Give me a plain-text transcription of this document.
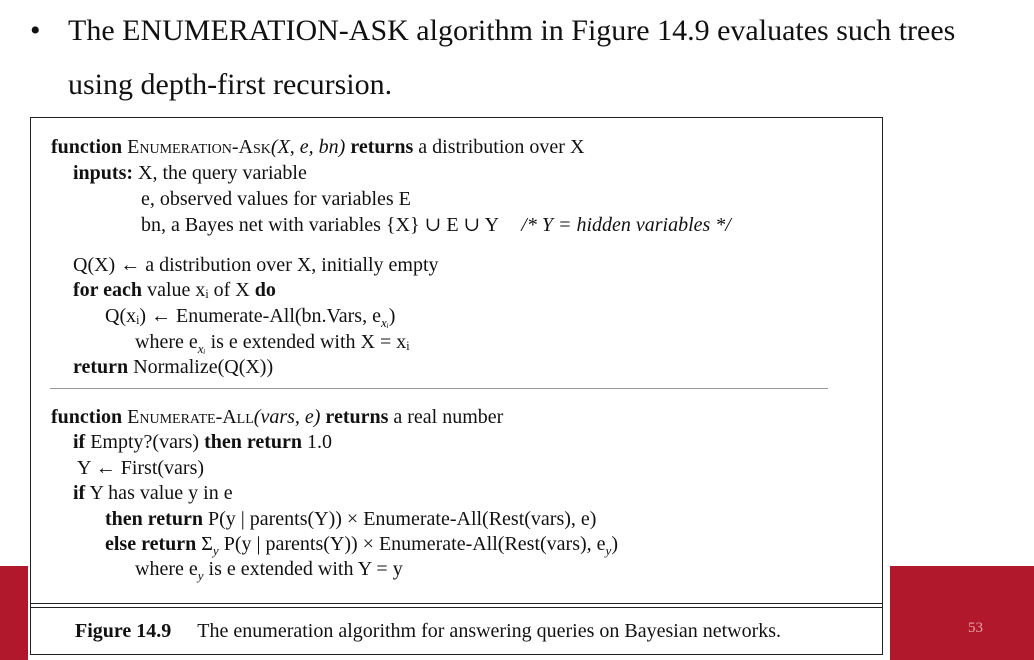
53
• The ENUMERATION-ASK algorithm in Figure 14.9 evaluates such trees
using depth-first recursion.
function Enumeration-Ask(X, e, bn) returns a distribution over X
inputs: X, the query variable
e, observed values for variables E
bn, a Bayes net with variables {X} ∪ E ∪ Y /* Y = hidden variables */
Q(X) ← a distribution over X, initially empty
for each value xᵢ of X do
Q(xᵢ) ← Enumerate-All(bn.Vars, $e_{xᵢ}$)
where $e_{xᵢ}$ is e extended with X = xᵢ
return Normalize(Q(X))
function Enumerate-All(vars, e) returns a real number
if Empty?(vars) then return 1.0
Y ← First(vars)
if Y has value y in e
then return P(y | parents(Y)) × Enumerate-All(Rest(vars), e)
else return $\Sigma_y$ P(y | parents(Y)) × Enumerate-All(Rest(vars), $e_y$)
where $e_y$ is e extended with Y = y
Figure 14.9 The enumeration algorithm for answering queries on Bayesian networks.
